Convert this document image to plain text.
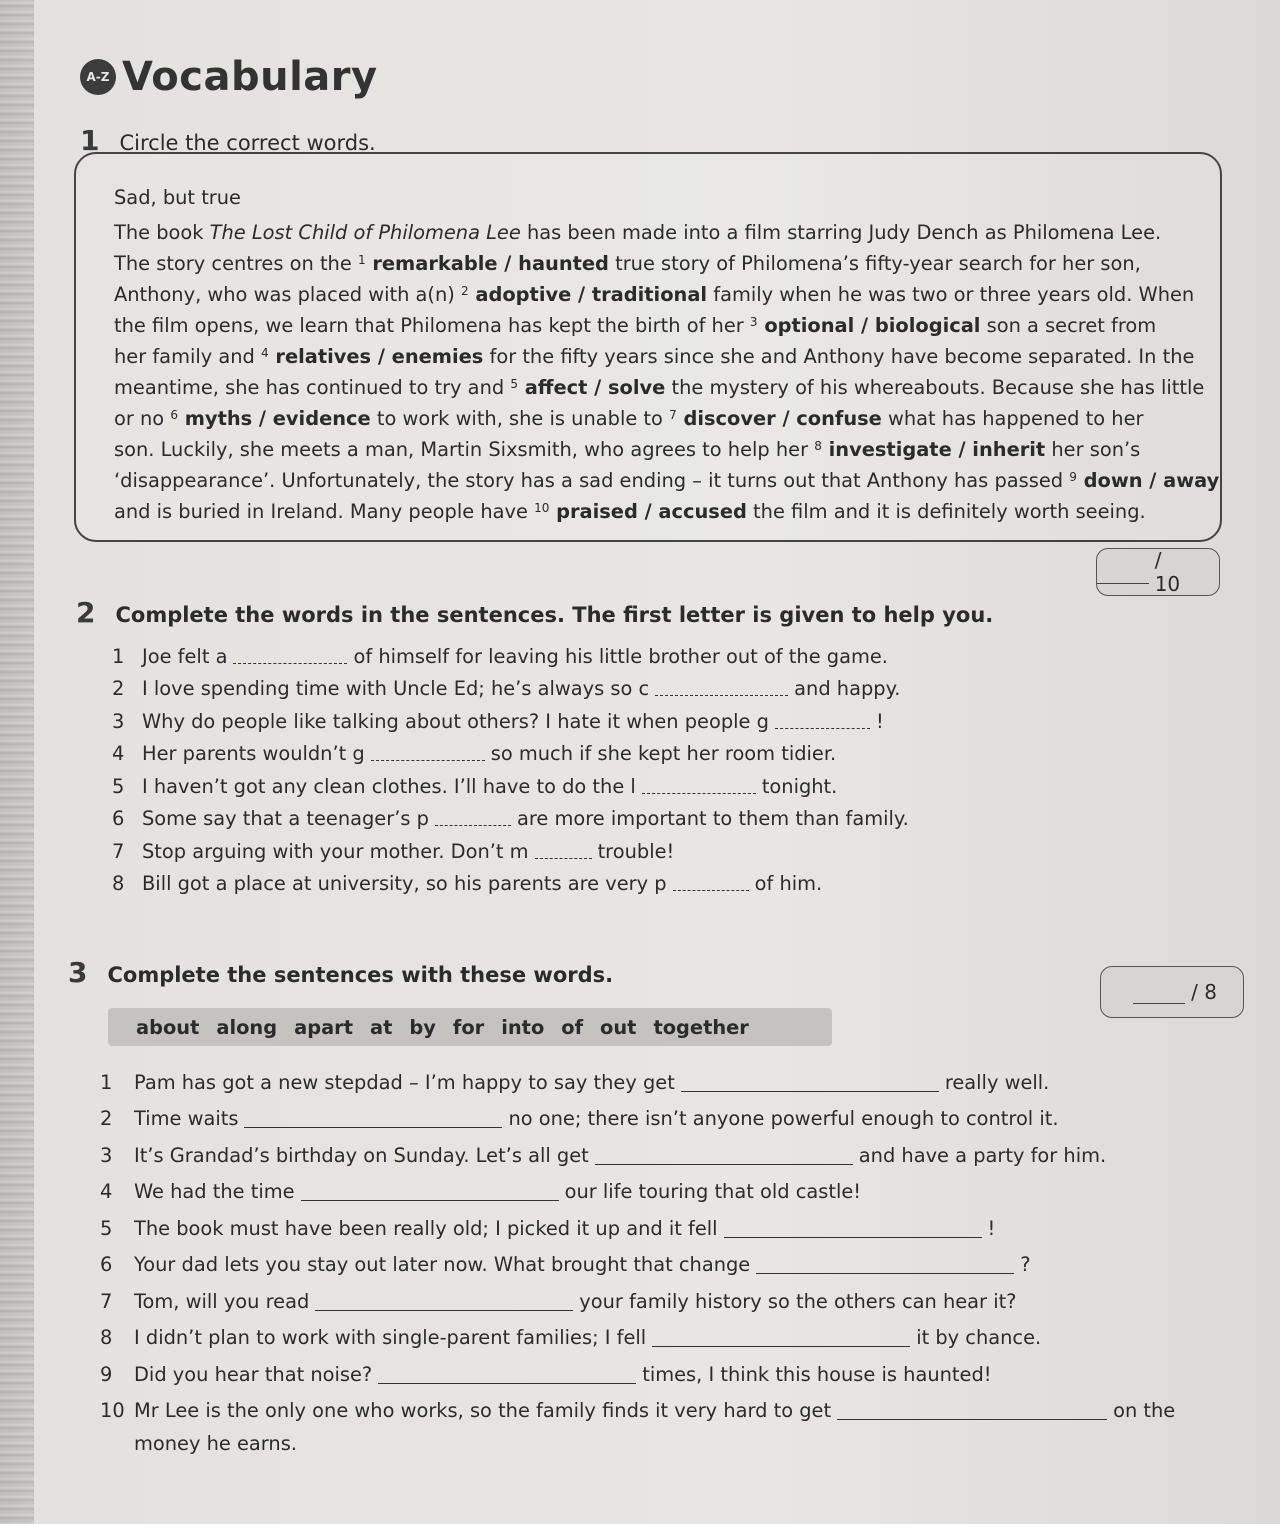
A-Z Vocabulary
1 Circle the correct words.
Sad, but true
The book The Lost Child of Philomena Lee has been made into a film starring Judy Dench as Philomena Lee.
The story centres on the $^1$ remarkable / haunted true story of Philomena’s fifty-year search for her son,
Anthony, who was placed with a(n) $^2$ adoptive / traditional family when he was two or three years old. When
the film opens, we learn that Philomena has kept the birth of her $^3$ optional / biological son a secret from
her family and $^4$ relatives / enemies for the fifty years since she and Anthony have become separated. In the
meantime, she has continued to try and $^5$ affect / solve the mystery of his whereabouts. Because she has little
or no $^6$ myths / evidence to work with, she is unable to $^7$ discover / confuse what has happened to her
son. Luckily, she meets a man, Martin Sixsmith, who agrees to help her $^8$ investigate / inherit her son’s
‘disappearance’. Unfortunately, the story has a sad ending – it turns out that Anthony has passed $^9$ down / away
and is buried in Ireland. Many people have $^{10}$ praised / accused the film and it is definitely worth seeing.
/ 10
2 Complete the words in the sentences. The first letter is given to help you.
1 Joe felt a	of himself for leaving his little brother out of the game.
2 I love spending time with Uncle Ed; he’s always so c	and happy.
3 Why do people like talking about others? I hate it when people g	!
4 Her parents wouldn’t g	so much if she kept her room tidier.
5 I haven’t got any clean clothes. I’ll have to do the l	tonight.
6 Some say that a teenager’s p	are more important to them than family.
7 Stop arguing with your mother. Don’t m	trouble!
8 Bill got a place at university, so his parents are very p	of him.
3 Complete the sentences with these words.
/ 8
about along apart at by for into of out together
1	Pam has got a new stepdad – I’m happy to say they get	really well.
2	Time waits	no one; there isn’t anyone powerful enough to control it.
3	It’s Grandad’s birthday on Sunday. Let’s all get	and have a party for him.
4	We had the time	our life touring that old castle!
5	The book must have been really old; I picked it up and it fell	!
6	Your dad lets you stay out later now. What brought that change	?
7	Tom, will you read	your family history so the others can hear it?
8	I didn’t plan to work with single-parent families; I fell	it by chance.
9	Did you hear that noise?	times, I think this house is haunted!
10 Mr Lee is the only one who works, so the family finds it very hard to get	on the
money he earns.
